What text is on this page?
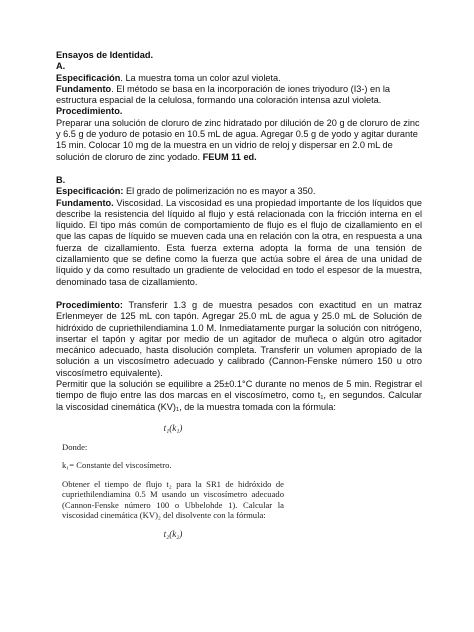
Ensayos de Identidad.

A.

Especificación. La muestra toma un color azul violeta.

Fundamento. El método se basa en la incorporación de iones triyoduro (I3-) en la estructura espacial de la celulosa, formando una coloración intensa azul violeta.

Procedimiento.

Preparar una solución de cloruro de zinc hidratado por dilución de 20 g de cloruro de zinc y 6.5 g de yoduro de potasio en 10.5 mL de agua. Agregar 0.5 g de yodo y agitar durante 15 min. Colocar 10 mg de la muestra en un vidrio de reloj y dispersar en 2.0 mL de solución de cloruro de zinc yodado. FEUM 11 ed.

B.

Especificación: El grado de polimerización no es mayor a 350.

Fundamento. Viscosidad. La viscosidad es una propiedad importante de los líquidos que describe la resistencia del líquido al flujo y está relacionada con la fricción interna en el líquido. El tipo más común de comportamiento de flujo es el flujo de cizallamiento en el que las capas de líquido se mueven cada una en relación con la otra, en respuesta a una fuerza de cizallamiento. Esta fuerza externa adopta la forma de una tensión de cizallamiento que se define como la fuerza que actúa sobre el área de una unidad de líquido y da como resultado un gradiente de velocidad en todo el espesor de la muestra, denominado tasa de cizallamiento.

Procedimiento: Transferir 1.3 g de muestra pesados con exactitud en un matraz Erlenmeyer de 125 mL con tapón. Agregar 25.0 mL de agua y 25.0 mL de Solución de hidróxido de cupriethilendiamina 1.0 M. Inmediatamente purgar la solución con nitrógeno, insertar el tapón y agitar por medio de un agitador de muñeca o algún otro agitador mecánico adecuado, hasta disolución completa. Transferir un volumen apropiado de la solución a un viscosímetro adecuado y calibrado (Cannon-Fenske número 150 u otro viscosímetro equivalente).

Permitir que la solución se equilibre a 25±0.1°C durante no menos de 5 min. Registrar el tiempo de flujo entre las dos marcas en el viscosímetro, como t₁, en segundos. Calcular la viscosidad cinemática (KV)₁, de la muestra tomada con la fórmula:

t₁(k₁)

Donde:

k₁= Constante del viscosímetro.

Obtener el tiempo de flujo t₂ para la SR1 de hidróxido de cupriethilendiamina 0.5 M usando un viscosímetro adecuado (Cannon-Fenske número 100 o Ubbelohde 1). Calcular la viscosidad cinemática (KV)₂ del disolvente con la fórmula:

t₂(k₂)
